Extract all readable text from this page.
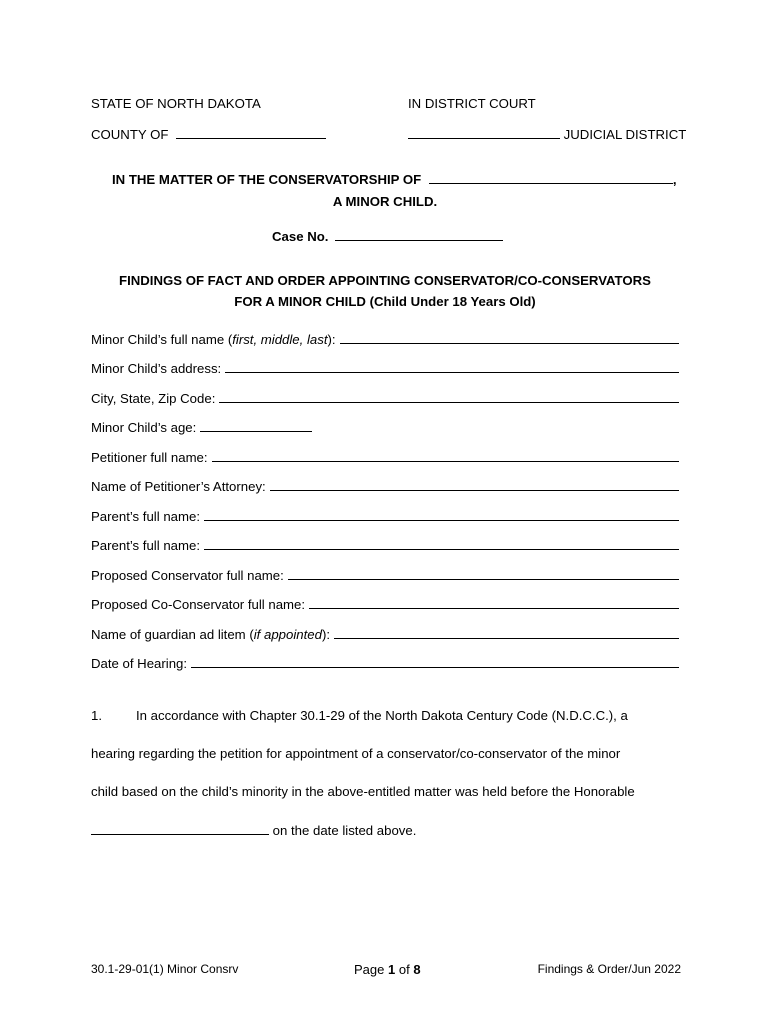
STATE OF NORTH DAKOTA	IN DISTRICT COURT
COUNTY OF	JUDICIAL DISTRICT
IN THE MATTER OF THE CONSERVATORSHIP OF	,
A MINOR CHILD.
Case No.
FINDINGS OF FACT AND ORDER APPOINTING CONSERVATOR/CO-CONSERVATORS
FOR A MINOR CHILD (Child Under 18 Years Old)
Minor Child’s full name (first, middle, last):
Minor Child’s address:
City, State, Zip Code:
Minor Child’s age:
Petitioner full name:
Name of Petitioner’s Attorney:
Parent’s full name:
Parent’s full name:
Proposed Conservator full name:
Proposed Co-Conservator full name:
Name of guardian ad litem (if appointed):
Date of Hearing:
1.	In accordance with Chapter 30.1-29 of the North Dakota Century Code (N.D.C.C.), a
hearing regarding the petition for appointment of a conservator/co-conservator of the minor
child based on the child’s minority in the above-entitled matter was held before the Honorable
on the date listed above.
30.1-29-01(1) Minor Consrv	Page 1 of 8	Findings & Order/Jun 2022
